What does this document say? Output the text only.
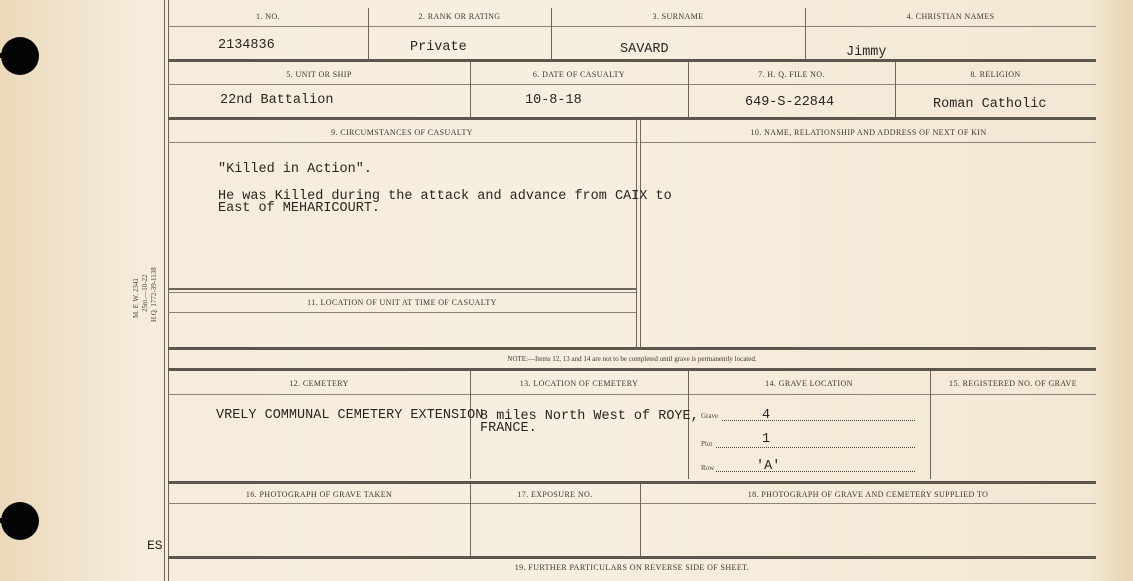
M. F. W. 2341 25m.—10-22 H.Q. 1772-39-1138
ES
1. NO.	2. RANK OR RATING	3. SURNAME	4. CHRISTIAN NAMES
2134836	Private	SAVARD	Jimmy
5. UNIT OR SHIP	6. DATE OF CASUALTY	7. H. Q. FILE NO.	8. RELIGION
22nd Battalion	10-8-18	649-S-22844	Roman Catholic
9. CIRCUMSTANCES OF CASUALTY	10. NAME, RELATIONSHIP AND ADDRESS OF NEXT OF KIN
"Killed in Action".
He was Killed during the attack and advance from CAIX to
East of MEHARICOURT.
11. LOCATION OF UNIT AT TIME OF CASUALTY
NOTE:—Items 12, 13 and 14 are not to be completed until grave is permanently located.
12. CEMETERY	13. LOCATION OF CEMETERY	14. GRAVE LOCATION	15. REGISTERED NO. OF GRAVE
VRELY COMMUNAL CEMETERY EXTENSION
8 miles North West of ROYE,
FRANCE.
Grave	4
Plot	1
Row	'A'
16. PHOTOGRAPH OF GRAVE TAKEN	17. EXPOSURE NO.	18. PHOTOGRAPH OF GRAVE AND CEMETERY SUPPLIED TO
19. FURTHER PARTICULARS ON REVERSE SIDE OF SHEET.
